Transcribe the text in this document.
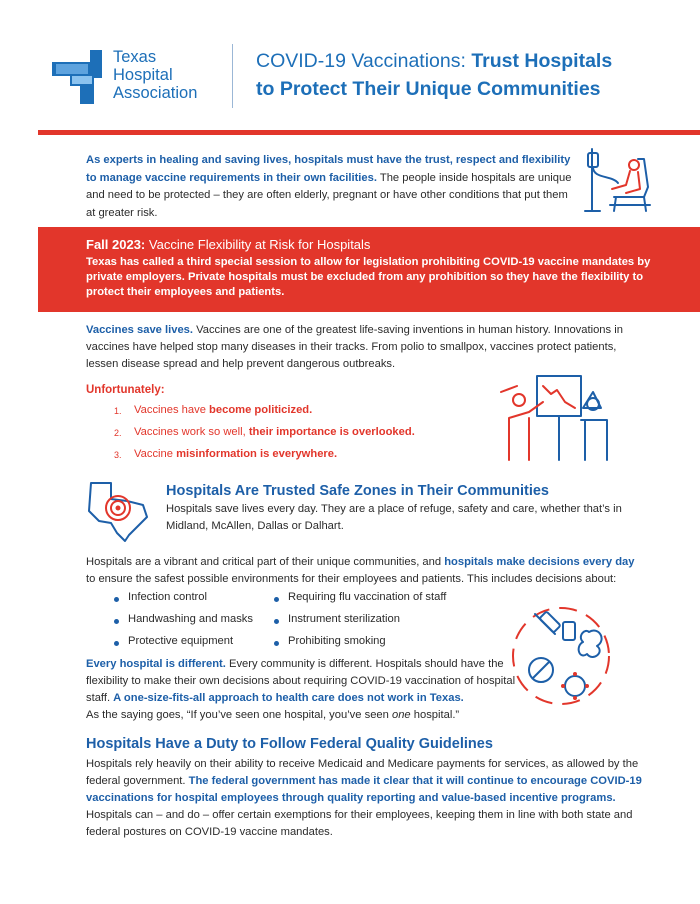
Texas
Hospital
Association
COVID-19 Vaccinations: Trust Hospitals
to Protect Their Unique Communities
As experts in healing and saving lives, hospitals must have the trust, respect and flexibility to manage vaccine requirements in their own facilities. The people inside hospitals are unique and need to be protected – they are often elderly, pregnant or have other conditions that put them at greater risk.
Fall 2023: Vaccine Flexibility at Risk for Hospitals
Texas has called a third special session to allow for legislation prohibiting COVID-19 vaccine mandates by private employers. Private hospitals must be excluded from any prohibition so they have the flexibility to protect their employees and patients.
Vaccines save lives. Vaccines are one of the greatest life-saving inventions in human history. Innovations in vaccines have helped stop many diseases in their tracks. From polio to smallpox, vaccines protect patients, lessen disease spread and help prevent dangerous outbreaks.
Unfortunately:
1. Vaccines have become politicized.
2. Vaccines work so well, their importance is overlooked.
3. Vaccine misinformation is everywhere.
Hospitals Are Trusted Safe Zones in Their Communities
Hospitals save lives every day. They are a place of refuge, safety and care, whether that’s in Midland, McAllen, Dallas or Dalhart.
Hospitals are a vibrant and critical part of their unique communities, and hospitals make decisions every day to ensure the safest possible environments for their employees and patients. This includes decisions about:
Infection control
Handwashing and masks
Protective equipment
Requiring flu vaccination of staff
Instrument sterilization
Prohibiting smoking
Every hospital is different. Every community is different. Hospitals should have the flexibility to make their own decisions about requiring COVID-19 vaccination of hospital staff. A one-size-fits-all approach to health care does not work in Texas.
As the saying goes, “If you’ve seen one hospital, you’ve seen one hospital.”
Hospitals Have a Duty to Follow Federal Quality Guidelines
Hospitals rely heavily on their ability to receive Medicaid and Medicare payments for services, as allowed by the federal government. The federal government has made it clear that it will continue to encourage COVID-19 vaccinations for hospital employees through quality reporting and value-based incentive programs. Hospitals can – and do – offer certain exemptions for their employees, keeping them in line with both state and federal postures on COVID-19 vaccine mandates.
